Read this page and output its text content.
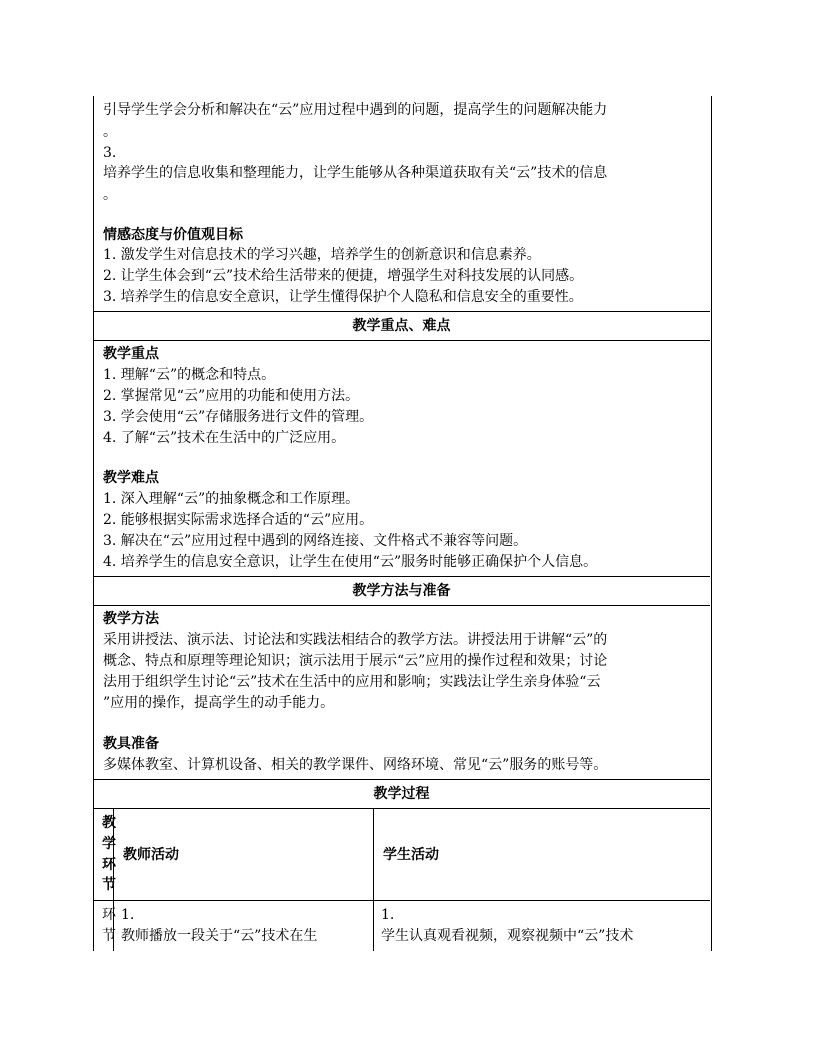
引导学生学会分析和解决在“云”应用过程中遇到的问题，提高学生的问题解决能力
。
3.
培养学生的信息收集和整理能力，让学生能够从各种渠道获取有关“云”技术的信息
。
情感态度与价值观目标
1. 激发学生对信息技术的学习兴趣，培养学生的创新意识和信息素养。
2. 让学生体会到“云”技术给生活带来的便捷，增强学生对科技发展的认同感。
3. 培养学生的信息安全意识，让学生懂得保护个人隐私和信息安全的重要性。
教学重点、难点
教学重点
1. 理解“云”的概念和特点。
2. 掌握常见“云”应用的功能和使用方法。
3. 学会使用“云”存储服务进行文件的管理。
4. 了解“云”技术在生活中的广泛应用。
教学难点
1. 深入理解“云”的抽象概念和工作原理。
2. 能够根据实际需求选择合适的“云”应用。
3. 解决在“云”应用过程中遇到的网络连接、文件格式不兼容等问题。
4. 培养学生的信息安全意识，让学生在使用“云”服务时能够正确保护个人信息。
教学方法与准备
教学方法
采用讲授法、演示法、讨论法和实践法相结合的教学方法。讲授法用于讲解“云”的
概念、特点和原理等理论知识；演示法用于展示“云”应用的操作过程和效果；讨论
法用于组织学生讨论“云”技术在生活中的应用和影响；实践法让学生亲身体验“云
”应用的操作，提高学生的动手能力。
教具准备
多媒体教室、计算机设备、相关的教学课件、网络环境、常见“云”服务的账号等。
教学过程
教
学
环
节
教师活动	学生活动
环
节
1.
教师播放一段关于“云”技术在生
1.
学生认真观看视频，观察视频中“云”技术
